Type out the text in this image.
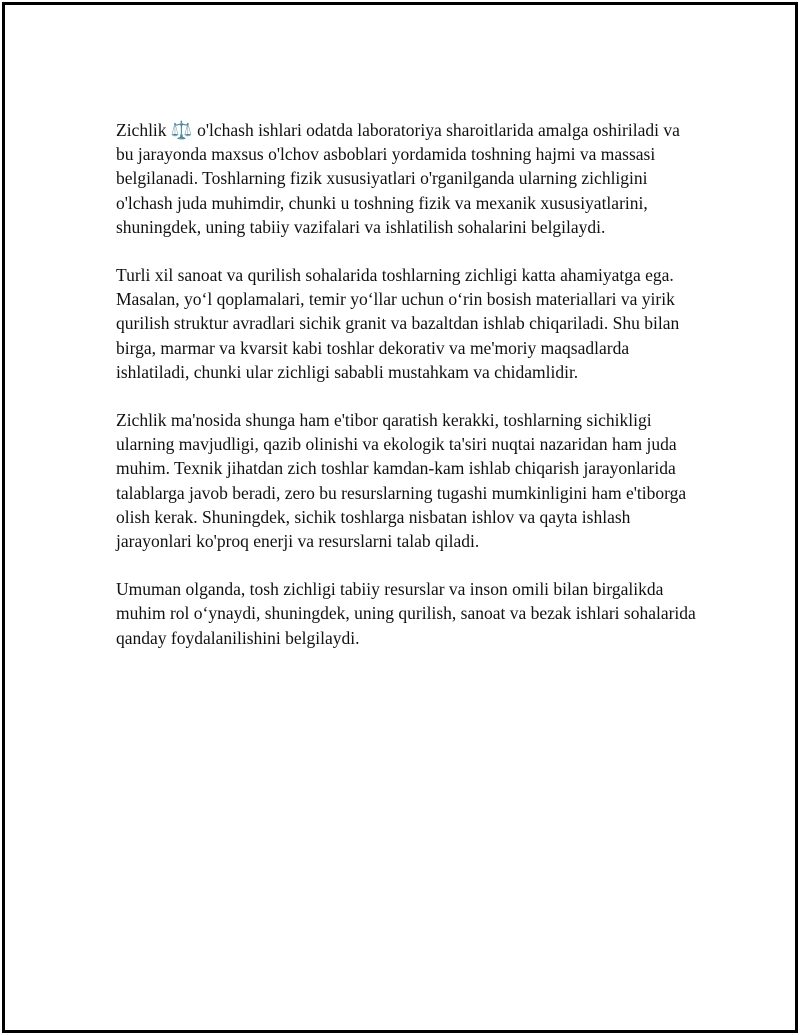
Zichlik ⚖️ o'lchash ishlari odatda laboratoriya sharoitlarida amalga oshiriladi va bu jarayonda maxsus o'lchov asboblari yordamida toshning hajmi va massasi belgilanadi. Toshlarning fizik xususiyatlari o'rganilganda ularning zichligini o'lchash juda muhimdir, chunki u toshning fizik va mexanik xususiyatlarini, shuningdek, uning tabiiy vazifalari va ishlatilish sohalarini belgilaydi.

Turli xil sanoat va qurilish sohalarida toshlarning zichligi katta ahamiyatga ega. Masalan, yoʻl qoplamalari, temir yoʻllar uchun oʻrin bosish materiallari va yirik qurilish struktur avradlari sichik granit va bazaltdan ishlab chiqariladi. Shu bilan birga, marmar va kvarsit kabi toshlar dekorativ va me'moriy maqsadlarda ishlatiladi, chunki ular zichligi sababli mustahkam va chidamlidir.

Zichlik ma'nosida shunga ham e'tibor qaratish kerakki, toshlarning sichikligi ularning mavjudligi, qazib olinishi va ekologik ta'siri nuqtai nazaridan ham juda muhim. Texnik jihatdan zich toshlar kamdan-kam ishlab chiqarish jarayonlarida talablarga javob beradi, zero bu resurslarning tugashi mumkinligini ham e'tiborga olish kerak. Shuningdek, sichik toshlarga nisbatan ishlov va qayta ishlash jarayonlari ko'proq enerji va resurslarni talab qiladi.

Umuman olganda, tosh zichligi tabiiy resurslar va inson omili bilan birgalikda muhim rol oʻynaydi, shuningdek, uning qurilish, sanoat va bezak ishlari sohalarida qanday foydalanilishini belgilaydi.
